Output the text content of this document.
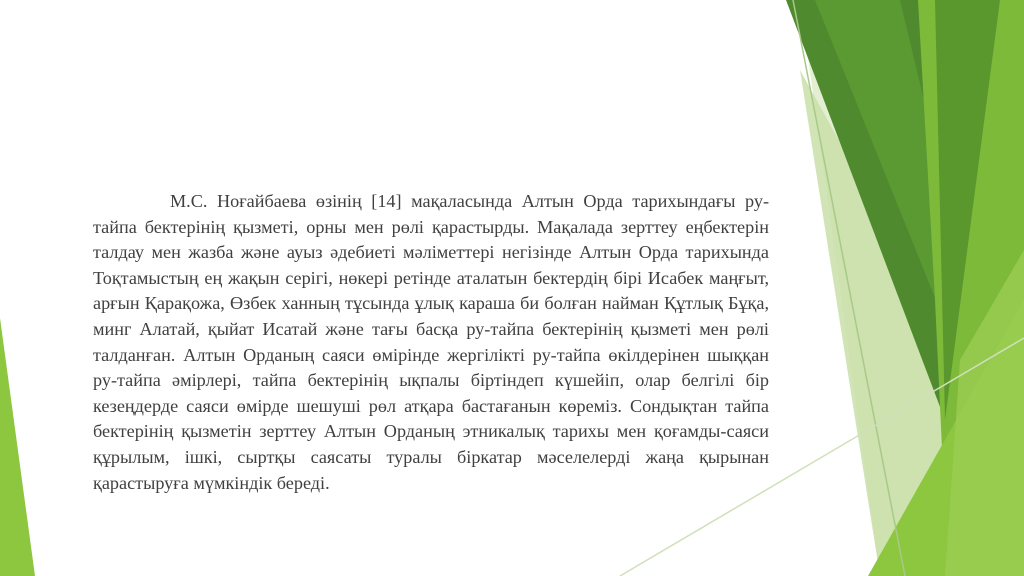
М.С. Ноғайбаева өзінің [14] мақаласында Алтын Орда тарихындағы ру-тайпа бектерінің қызметі, орны мен рөлі қарастырды. Мақалада зерттеу еңбектерін талдау мен жазба және ауыз әдебиеті мәліметтері негізінде Алтын Орда тарихында Тоқтамыстың ең жақын серігі, нөкері ретінде аталатын бектердің бірі Исабек маңғыт, арғын Қарақожа, Өзбек ханның тұсында ұлық караша би болған найман Құтлық Бұқа, минг Алатай, қыйат Исатай және тағы басқа ру-тайпа бектерінің қызметі мен рөлі талданған. Алтын Орданың саяси өмірінде жергілікті ру-тайпа өкілдерінен шыққан ру-тайпа әмірлері, тайпа бектерінің ықпалы біртіндеп күшейіп, олар белгілі бір кезеңдерде саяси өмірде шешуші рөл атқара бастағанын көреміз. Сондықтан тайпа бектерінің қызметін зерттеу Алтын Орданың этникалық тарихы мен қоғамды-саяси құрылым, ішкі, сыртқы саясаты туралы біркатар мәселелерді жаңа қырынан қарастыруға мүмкіндік береді.
